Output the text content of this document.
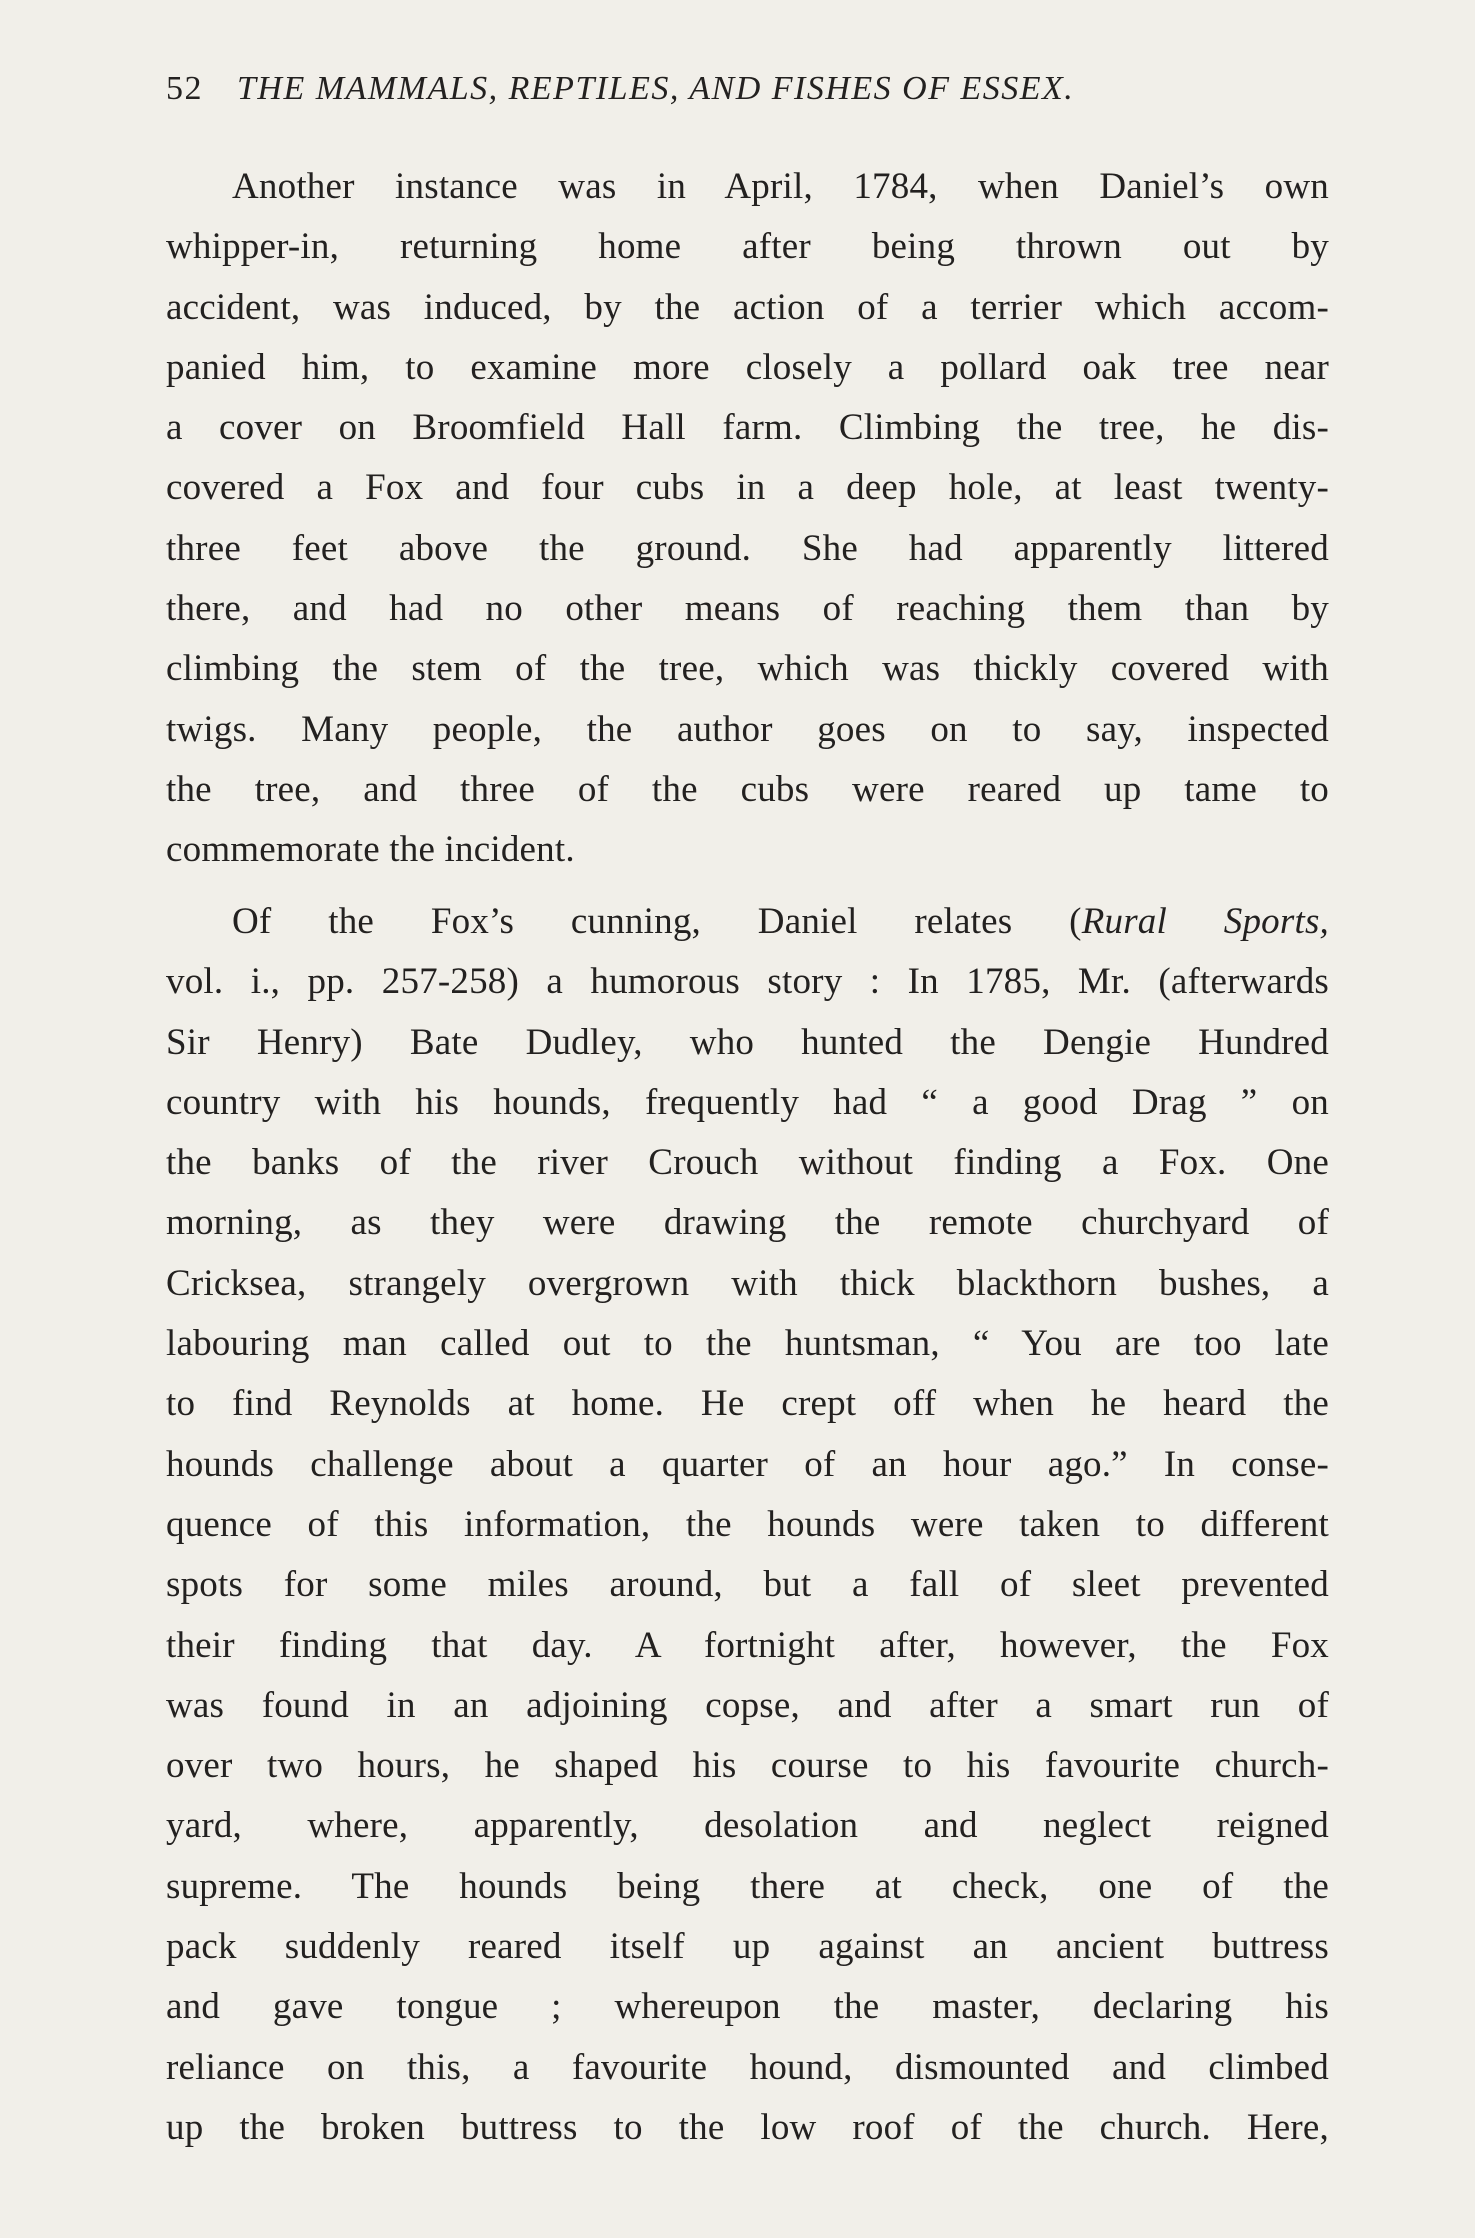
52 THE MAMMALS, REPTILES, AND FISHES OF ESSEX.
Another instance was in April, 1784, when Daniel’s own
whipper-in, returning home after being thrown out by
accident, was induced, by the action of a terrier which accom-
panied him, to examine more closely a pollard oak tree near
a cover on Broomfield Hall farm. Climbing the tree, he dis-
covered a Fox and four cubs in a deep hole, at least twenty-
three feet above the ground. She had apparently littered
there, and had no other means of reaching them than by
climbing the stem of the tree, which was thickly covered with
twigs. Many people, the author goes on to say, inspected
the tree, and three of the cubs were reared up tame to
commemorate the incident.
Of the Fox’s cunning, Daniel relates (Rural Sports,
vol. i., pp. 257-258) a humorous story : In 1785, Mr. (afterwards
Sir Henry) Bate Dudley, who hunted the Dengie Hundred
country with his hounds, frequently had “ a good Drag ” on
the banks of the river Crouch without finding a Fox. One
morning, as they were drawing the remote churchyard of
Cricksea, strangely overgrown with thick blackthorn bushes, a
labouring man called out to the huntsman, “ You are too late
to find Reynolds at home. He crept off when he heard the
hounds challenge about a quarter of an hour ago.” In conse-
quence of this information, the hounds were taken to different
spots for some miles around, but a fall of sleet prevented
their finding that day. A fortnight after, however, the Fox
was found in an adjoining copse, and after a smart run of
over two hours, he shaped his course to his favourite church-
yard, where, apparently, desolation and neglect reigned
supreme. The hounds being there at check, one of the
pack suddenly reared itself up against an ancient buttress
and gave tongue ; whereupon the master, declaring his
reliance on this, a favourite hound, dismounted and climbed
up the broken buttress to the low roof of the church. Here,
